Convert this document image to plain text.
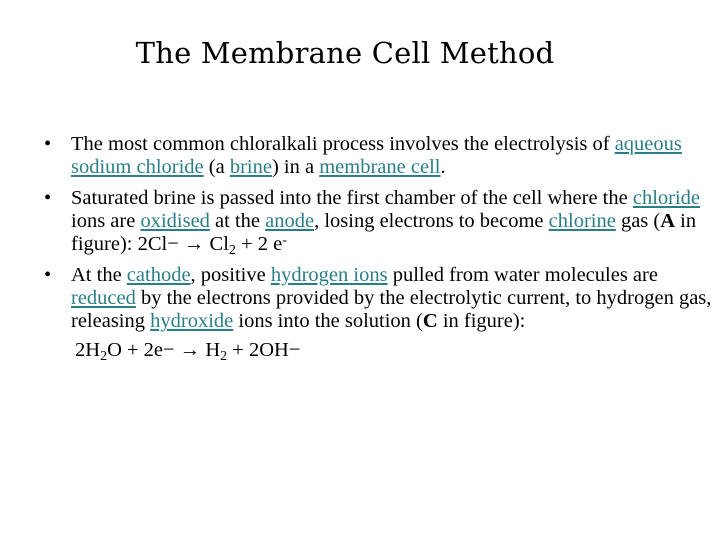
The Membrane Cell Method
• The most common chloralkali process involves the electrolysis of aqueous sodium chloride (a brine) in a membrane cell.
• Saturated brine is passed into the first chamber of the cell where the chloride ions are oxidised at the anode, losing electrons to become chlorine gas (A in figure): $2Cl- \to Cl_2 + 2$ e-
• At the cathode, positive hydrogen ions pulled from water molecules are reduced by the electrons provided by the electrolytic current, to hydrogen gas, releasing hydroxide ions into the solution (C in figure):
$2H_2O + 2e- \to H_2 + 2OH-$
